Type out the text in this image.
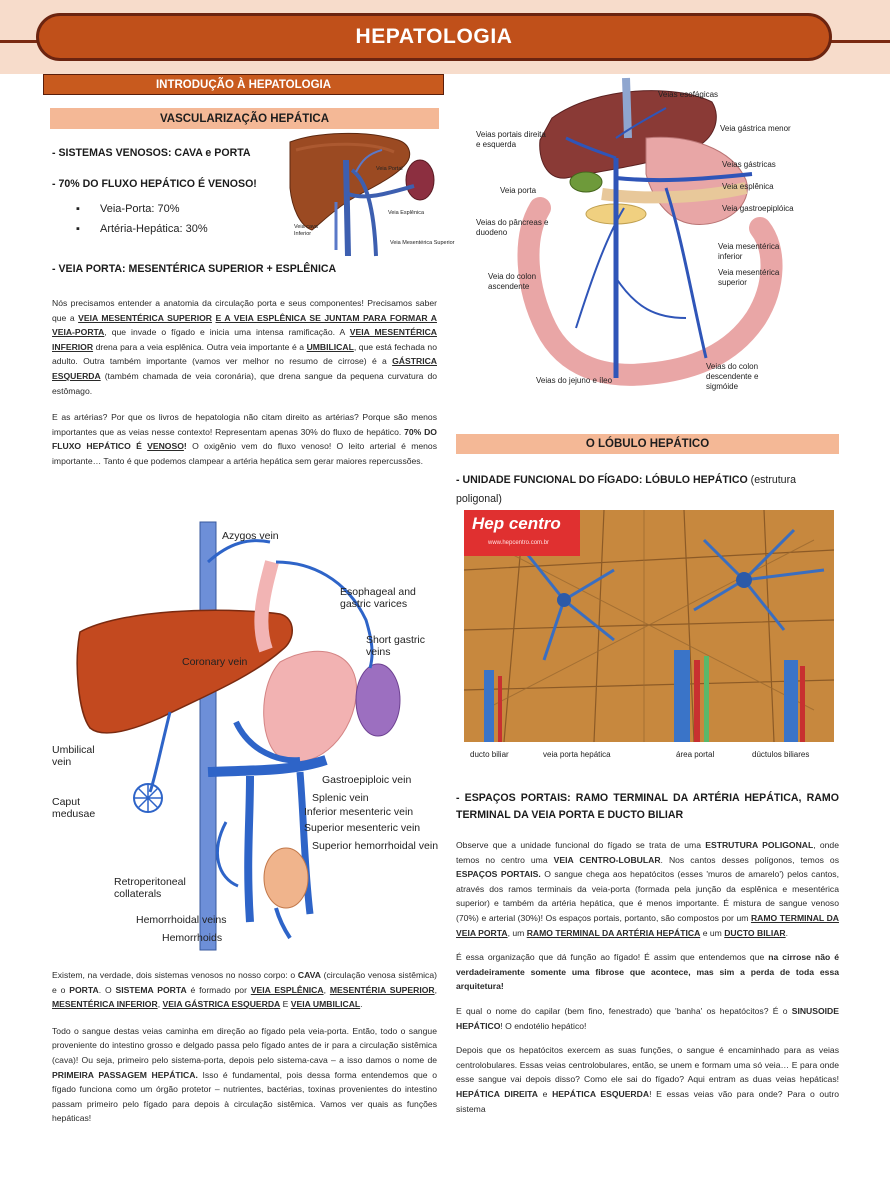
HEPATOLOGIA
INTRODUÇÃO À HEPATOLOGIA
VASCULARIZAÇÃO HEPÁTICA
- SISTEMAS VENOSOS: CAVA e PORTA
- 70% DO FLUXO HEPÁTICO É VENOSO!
▪ Veia-Porta: 70%
▪ Artéria-Hepática: 30%
- VEIA PORTA: MESENTÉRICA SUPERIOR + ESPLÊNICA
Veia Portal
Veia Esplênica
Veia cava Inferior
Veia Mesentérica Superior

Nós precisamos entender a anatomia da circulação porta e seus componentes! Precisamos saber que a VEIA MESENTÉRICA SUPERIOR E A VEIA ESPLÊNICA SE JUNTAM PARA FORMAR A VEIA-PORTA, que invade o fígado e inicia uma intensa ramificação. A VEIA MESENTÉRICA INFERIOR drena para a veia esplênica. Outra veia importante é a UMBILICAL, que está fechada no adulto. Outra também importante (vamos ver melhor no resumo de cirrose) é a GÁSTRICA ESQUERDA (também chamada de veia coronária), que drena sangue da pequena curvatura do estômago.

E as artérias? Por que os livros de hepatologia não citam direito as artérias? Porque são menos importantes que as veias nesse contexto! Representam apenas 30% do fluxo de hepático. 70% DO FLUXO HEPÁTICO É VENOSO! O oxigênio vem do fluxo venoso! O leito arterial é menos importante… Tanto é que podemos clampear a artéria hepática sem gerar maiores repercussões.

Azygos vein
Esophageal and gastric varices
Short gastric veins
Coronary vein
Umbilical vein
Caput medusae
Gastroepiploic vein
Splenic vein
Inferior mesenteric vein
Superior mesenteric vein
Superior hemorrhoidal vein
Retroperitoneal collaterals
Hemorrhoidal veins
Hemorrhoids

Existem, na verdade, dois sistemas venosos no nosso corpo: o CAVA (circulação venosa sistêmica) e o PORTA. O SISTEMA PORTA é formado por VEIA ESPLÊNICA, MESENTÉRIA SUPERIOR, MESENTÉRICA INFERIOR, VEIA GÁSTRICA ESQUERDA E VEIA UMBILICAL.

Todo o sangue destas veias caminha em direção ao fígado pela veia-porta. Então, todo o sangue proveniente do intestino grosso e delgado passa pelo fígado antes de ir para a circulação sistêmica (cava)! Ou seja, primeiro pelo sistema-porta, depois pelo sistema-cava – a isso damos o nome de PRIMEIRA PASSAGEM HEPÁTICA. Isso é fundamental, pois dessa forma entendemos que o fígado funciona como um órgão protetor – nutrientes, bactérias, toxinas provenientes do intestino passam primeiro pelo fígado para depois à circulação sistêmica. Vamos ver quais as funções hepáticas!

Veias esofágicas
Veias portais direita e esquerda
Veia gástrica menor
Veias gástricas
Veia porta	Veia esplênica
Veia gastroepiplóica
Veias do pâncreas e duodeno
Veia mesentérica inferior
Veia mesentérica superior
Veia do colon ascendente
Veias do colon descendente e sigmóide
Veias do jejuno e íleo
O LÓBULO HEPÁTICO
- UNIDADE FUNCIONAL DO FÍGADO: LÓBULO HEPÁTICO (estrutura poligonal)
Hep centro
www.hepcentro.com.br
ducto biliar	veia porta hepática	área portal	dúctulos biliares
- ESPAÇOS PORTAIS: RAMO TERMINAL DA ARTÉRIA HEPÁTICA, RAMO TERMINAL DA VEIA PORTA E DUCTO BILIAR

Observe que a unidade funcional do fígado se trata de uma ESTRUTURA POLIGONAL, onde temos no centro uma VEIA CENTRO-LOBULAR. Nos cantos desses polígonos, temos os ESPAÇOS PORTAIS. O sangue chega aos hepatócitos (esses 'muros de amarelo') pelos cantos, através dos ramos terminais da veia-porta (formada pela junção da esplênica e mesentérica superior) e também da artéria hepática, que é menos importante. É mistura de sangue venoso (70%) e arterial (30%)! Os espaços portais, portanto, são compostos por um RAMO TERMINAL DA VEIA PORTA, um RAMO TERMINAL DA ARTÉRIA HEPÁTICA e um DUCTO BILIAR.

É essa organização que dá função ao fígado! É assim que entendemos que na cirrose não é verdadeiramente somente uma fibrose que acontece, mas sim a perda de toda essa arquitetura!

E qual o nome do capilar (bem fino, fenestrado) que 'banha' os hepatócitos? É o SINUSOIDE HEPÁTICO! O endotélio hepático!

Depois que os hepatócitos exercem as suas funções, o sangue é encaminhado para as veias centrolobulares. Essas veias centrolobulares, então, se unem e formam uma só veia… E para onde esse sangue vai depois disso? Como ele sai do fígado? Aqui entram as duas veias hepáticas! HEPÁTICA DIREITA e HEPÁTICA ESQUERDA! E essas veias vão para onde? Para o outro sistema
